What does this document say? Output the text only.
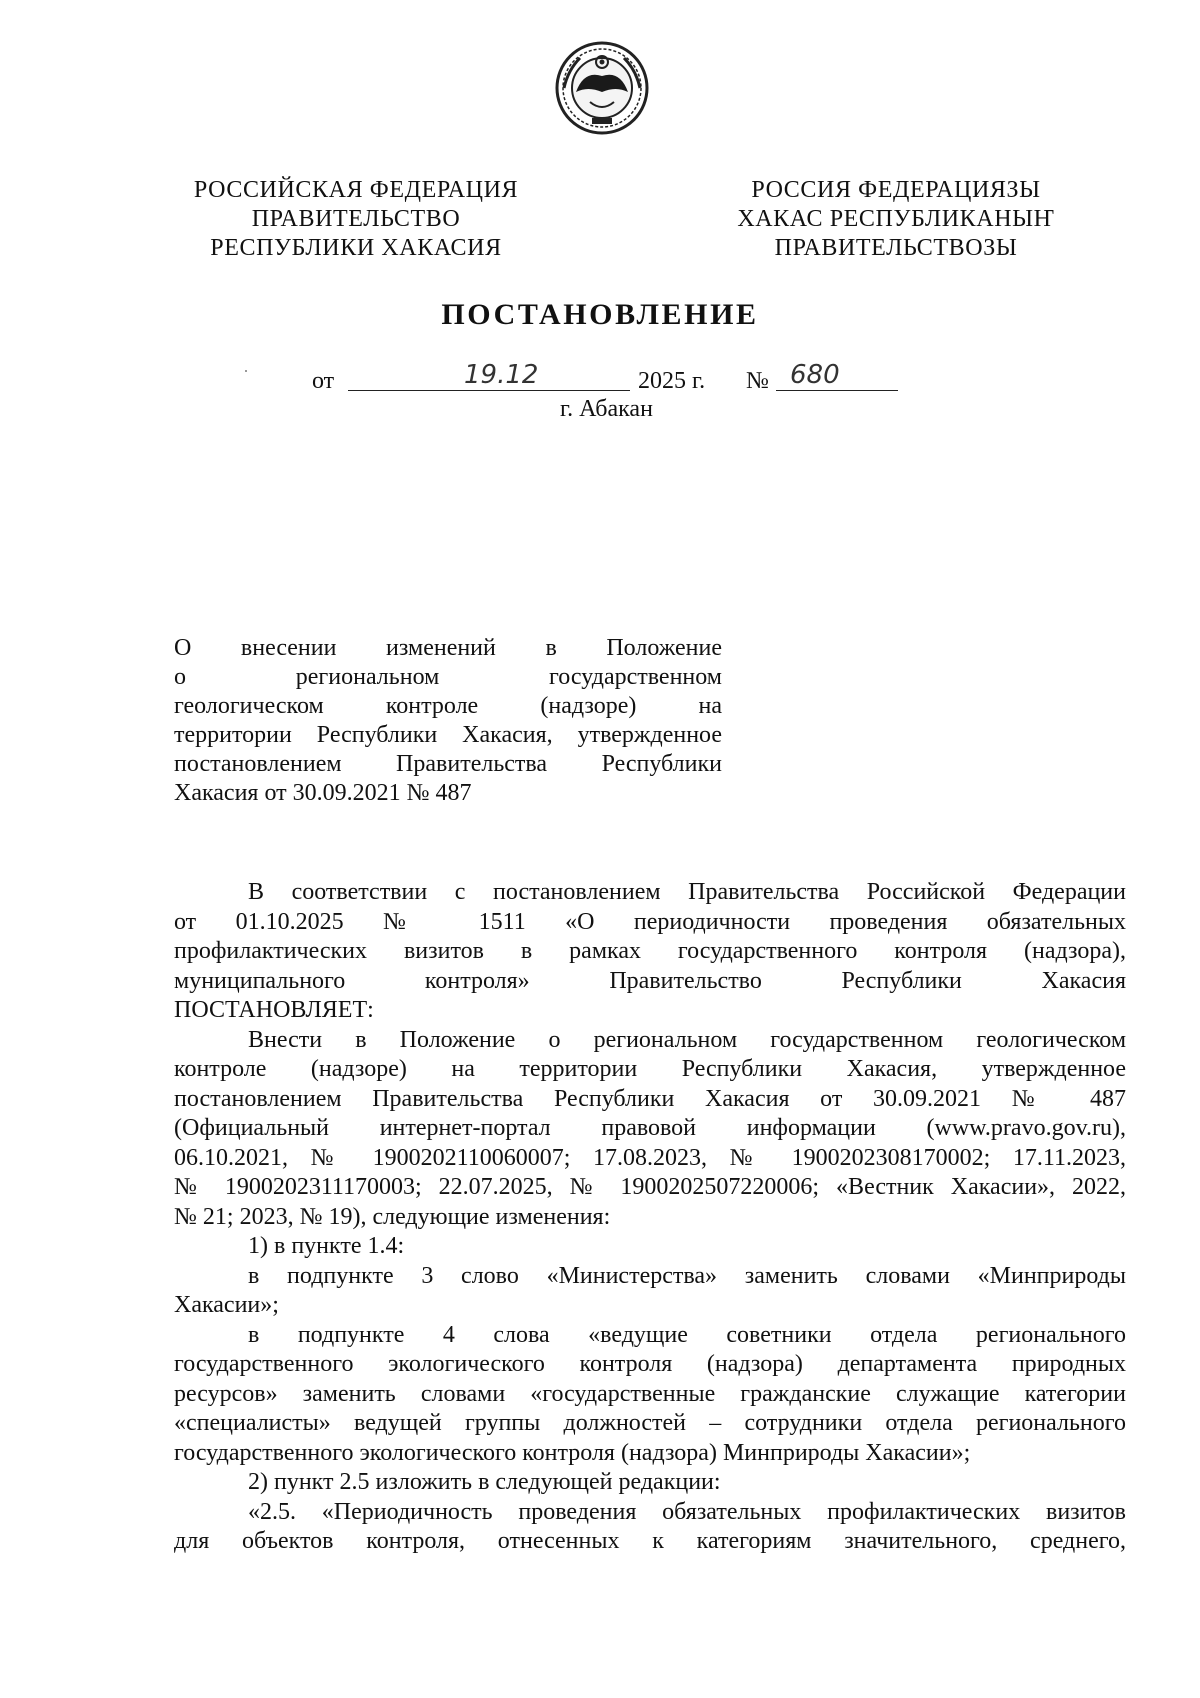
РОССИЙСКАЯ ФЕДЕРАЦИЯ
ПРАВИТЕЛЬСТВО
РЕСПУБЛИКИ ХАКАСИЯ
РОССИЯ ФЕДЕРАЦИЯЗЫ
ХАКАС РЕСПУБЛИКАНЫҤ
ПРАВИТЕЛЬСТВОЗЫ
ПОСТАНОВЛЕНИЕ
от	19.12	2025 г. № 680
г. Абакан
О внесении изменений в Положение
о региональном государственном
геологическом контроле (надзоре) на
территории Республики Хакасия, утвержденное
постановлением Правительства Республики
Хакасия от 30.09.2021 № 487
В соответствии с постановлением Правительства Российской Федерации
от 01.10.2025 № 1511 «О периодичности проведения обязательных
профилактических визитов в рамках государственного контроля (надзора),
муниципального контроля» Правительство Республики Хакасия
ПОСТАНОВЛЯЕТ:
Внести в Положение о региональном государственном геологическом
контроле (надзоре) на территории Республики Хакасия, утвержденное
постановлением Правительства Республики Хакасия от 30.09.2021 № 487
(Официальный интернет-портал правовой информации (www.pravo.gov.ru),
06.10.2021, № 1900202110060007; 17.08.2023, № 1900202308170002; 17.11.2023,
№ 1900202311170003; 22.07.2025, № 1900202507220006; «Вестник Хакасии», 2022,
№ 21; 2023, № 19), следующие изменения:
1) в пункте 1.4:
в подпункте 3 слово «Министерства» заменить словами «Минприроды
Хакасии»;
в подпункте 4 слова «ведущие советники отдела регионального
государственного экологического контроля (надзора) департамента природных
ресурсов» заменить словами «государственные гражданские служащие категории
«специалисты» ведущей группы должностей – сотрудники отдела регионального
государственного экологического контроля (надзора) Минприроды Хакасии»;
2) пункт 2.5 изложить в следующей редакции:
«2.5. «Периодичность проведения обязательных профилактических визитов
для объектов контроля, отнесенных к категориям значительного, среднего,
